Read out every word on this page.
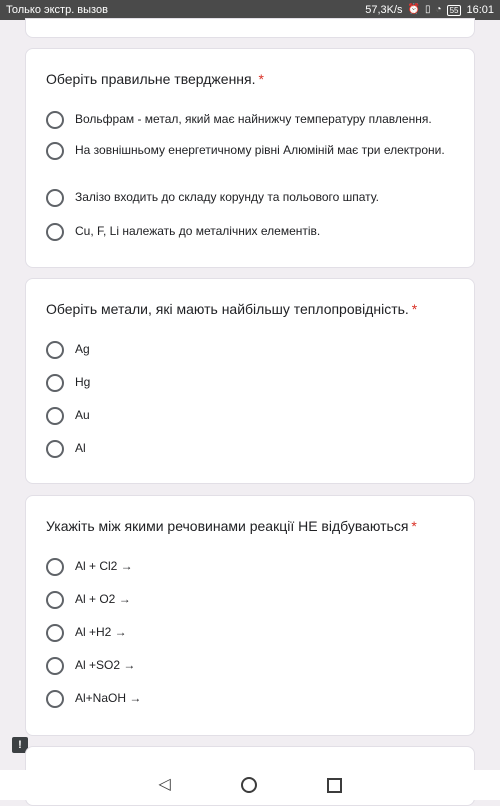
Только экстр. вызов	57,3K/s ⏰ ▯ ◔	55 16:01
Оберіть правильне твердження. *
Вольфрам - метал, який має найнижчу температуру плавлення.
На зовнішньому енергетичному рівні Алюміній має три електрони.
Залізо входить до складу корунду та польового шпату.
Cu, F, Li належать до металічних елементів.
Оберіть метали, які мають найбільшу теплопровідність. *
Ag
Hg
Au
Al
Укажіть між якими речовинами реакції НЕ відбуваються *
Al + Cl2 →
Al + O2 →
Al +H2 →
Al +SO2 →
Al+NaOH →
!
◁
